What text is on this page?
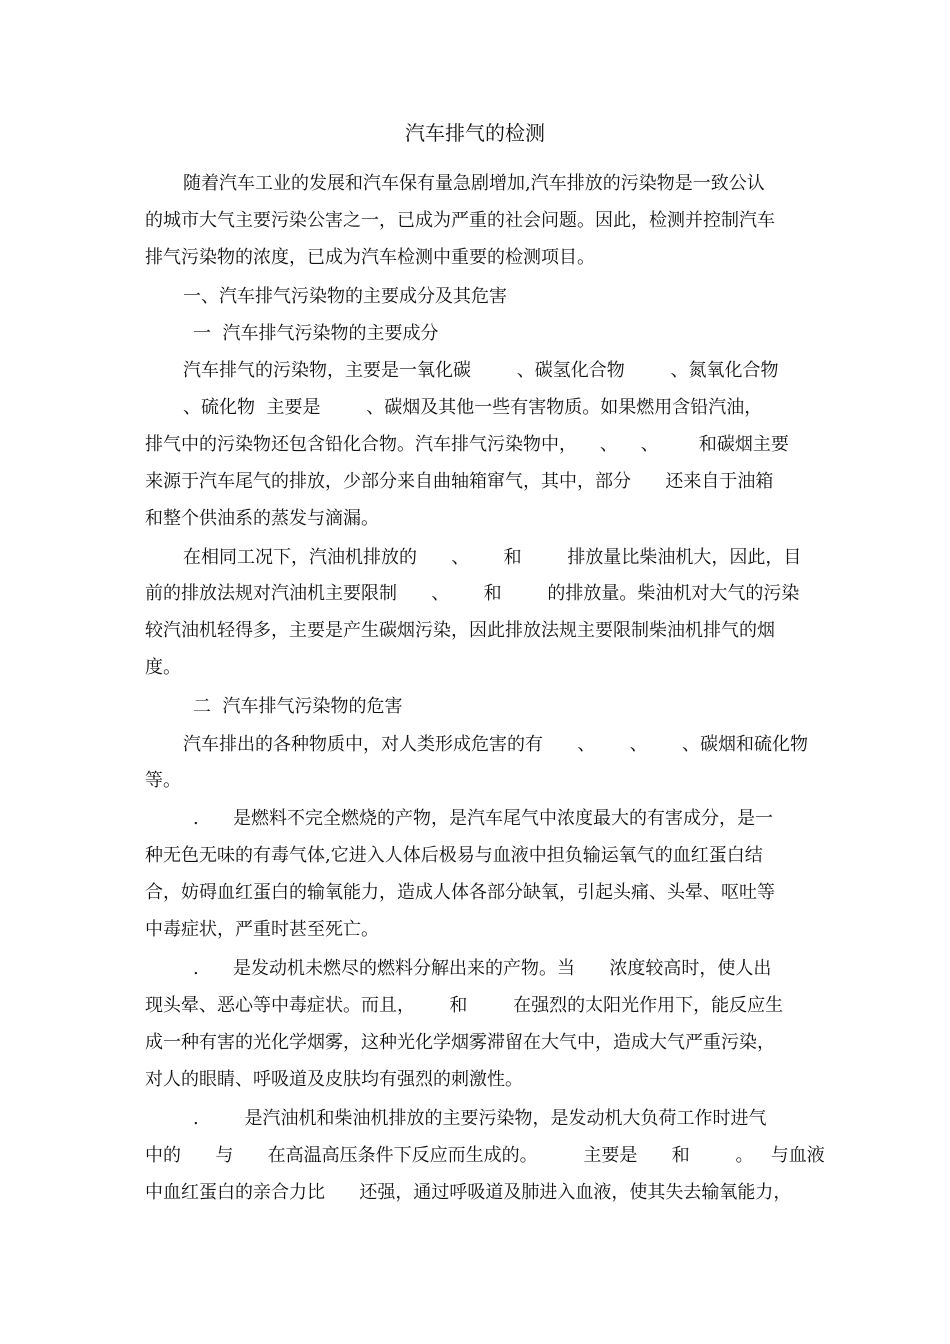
汽车排气的检测
随着汽车工业的发展和汽车保有量急剧增加,汽车排放的污染物是一致公认
的城市大气主要污染公害之一，已成为严重的社会问题。因此，检测并控制汽车
排气污染物的浓度，已成为汽车检测中重要的检测项目。
一、汽车排气污染物的主要成分及其危害
一  汽车排气污染物的主要成分
汽车排气的污染物，主要是一氧化碳        、碳氢化合物        、氮氧化合物
、硫化物  主要是        、碳烟及其他一些有害物质。如果燃用含铅汽油，
排气中的污染物还包含铅化合物。汽车排气污染物中，    、    、       和碳烟主要
来源于汽车尾气的排放，少部分来自曲轴箱窜气，其中，部分      还来自于油箱
和整个供油系的蒸发与滴漏。
在相同工况下，汽油机排放的      、      和        排放量比柴油机大，因此，目
前的排放法规对汽油机主要限制      、      和        的排放量。柴油机对大气的污染
较汽油机轻得多，主要是产生碳烟污染，因此排放法规主要限制柴油机排气的烟
度。
二  汽车排气污染物的危害
汽车排出的各种物质中，对人类形成危害的有      、      、      、碳烟和硫化物
等。
.      是燃料不完全燃烧的产物，是汽车尾气中浓度最大的有害成分，是一
种无色无味的有毒气体,它进入人体后极易与血液中担负输运氧气的血红蛋白结
合，妨碍血红蛋白的输氧能力，造成人体各部分缺氧，引起头痛、头晕、呕吐等
中毒症状，严重时甚至死亡。
.      是发动机未燃尽的燃料分解出来的产物。当      浓度较高时，使人出
现头晕、恶心等中毒症状。而且，      和        在强烈的太阳光作用下，能反应生
成一种有害的光化学烟雾，这种光化学烟雾滞留在大气中，造成大气严重污染，
对人的眼睛、呼吸道及皮肤均有强烈的刺激性。
.        是汽油机和柴油机排放的主要污染物，是发动机大负荷工作时进气
中的      与      在高温高压条件下反应而生成的。        主要是      和        。   与血液
中血红蛋白的亲合力比      还强，通过呼吸道及肺进入血液，使其失去输氧能力，
